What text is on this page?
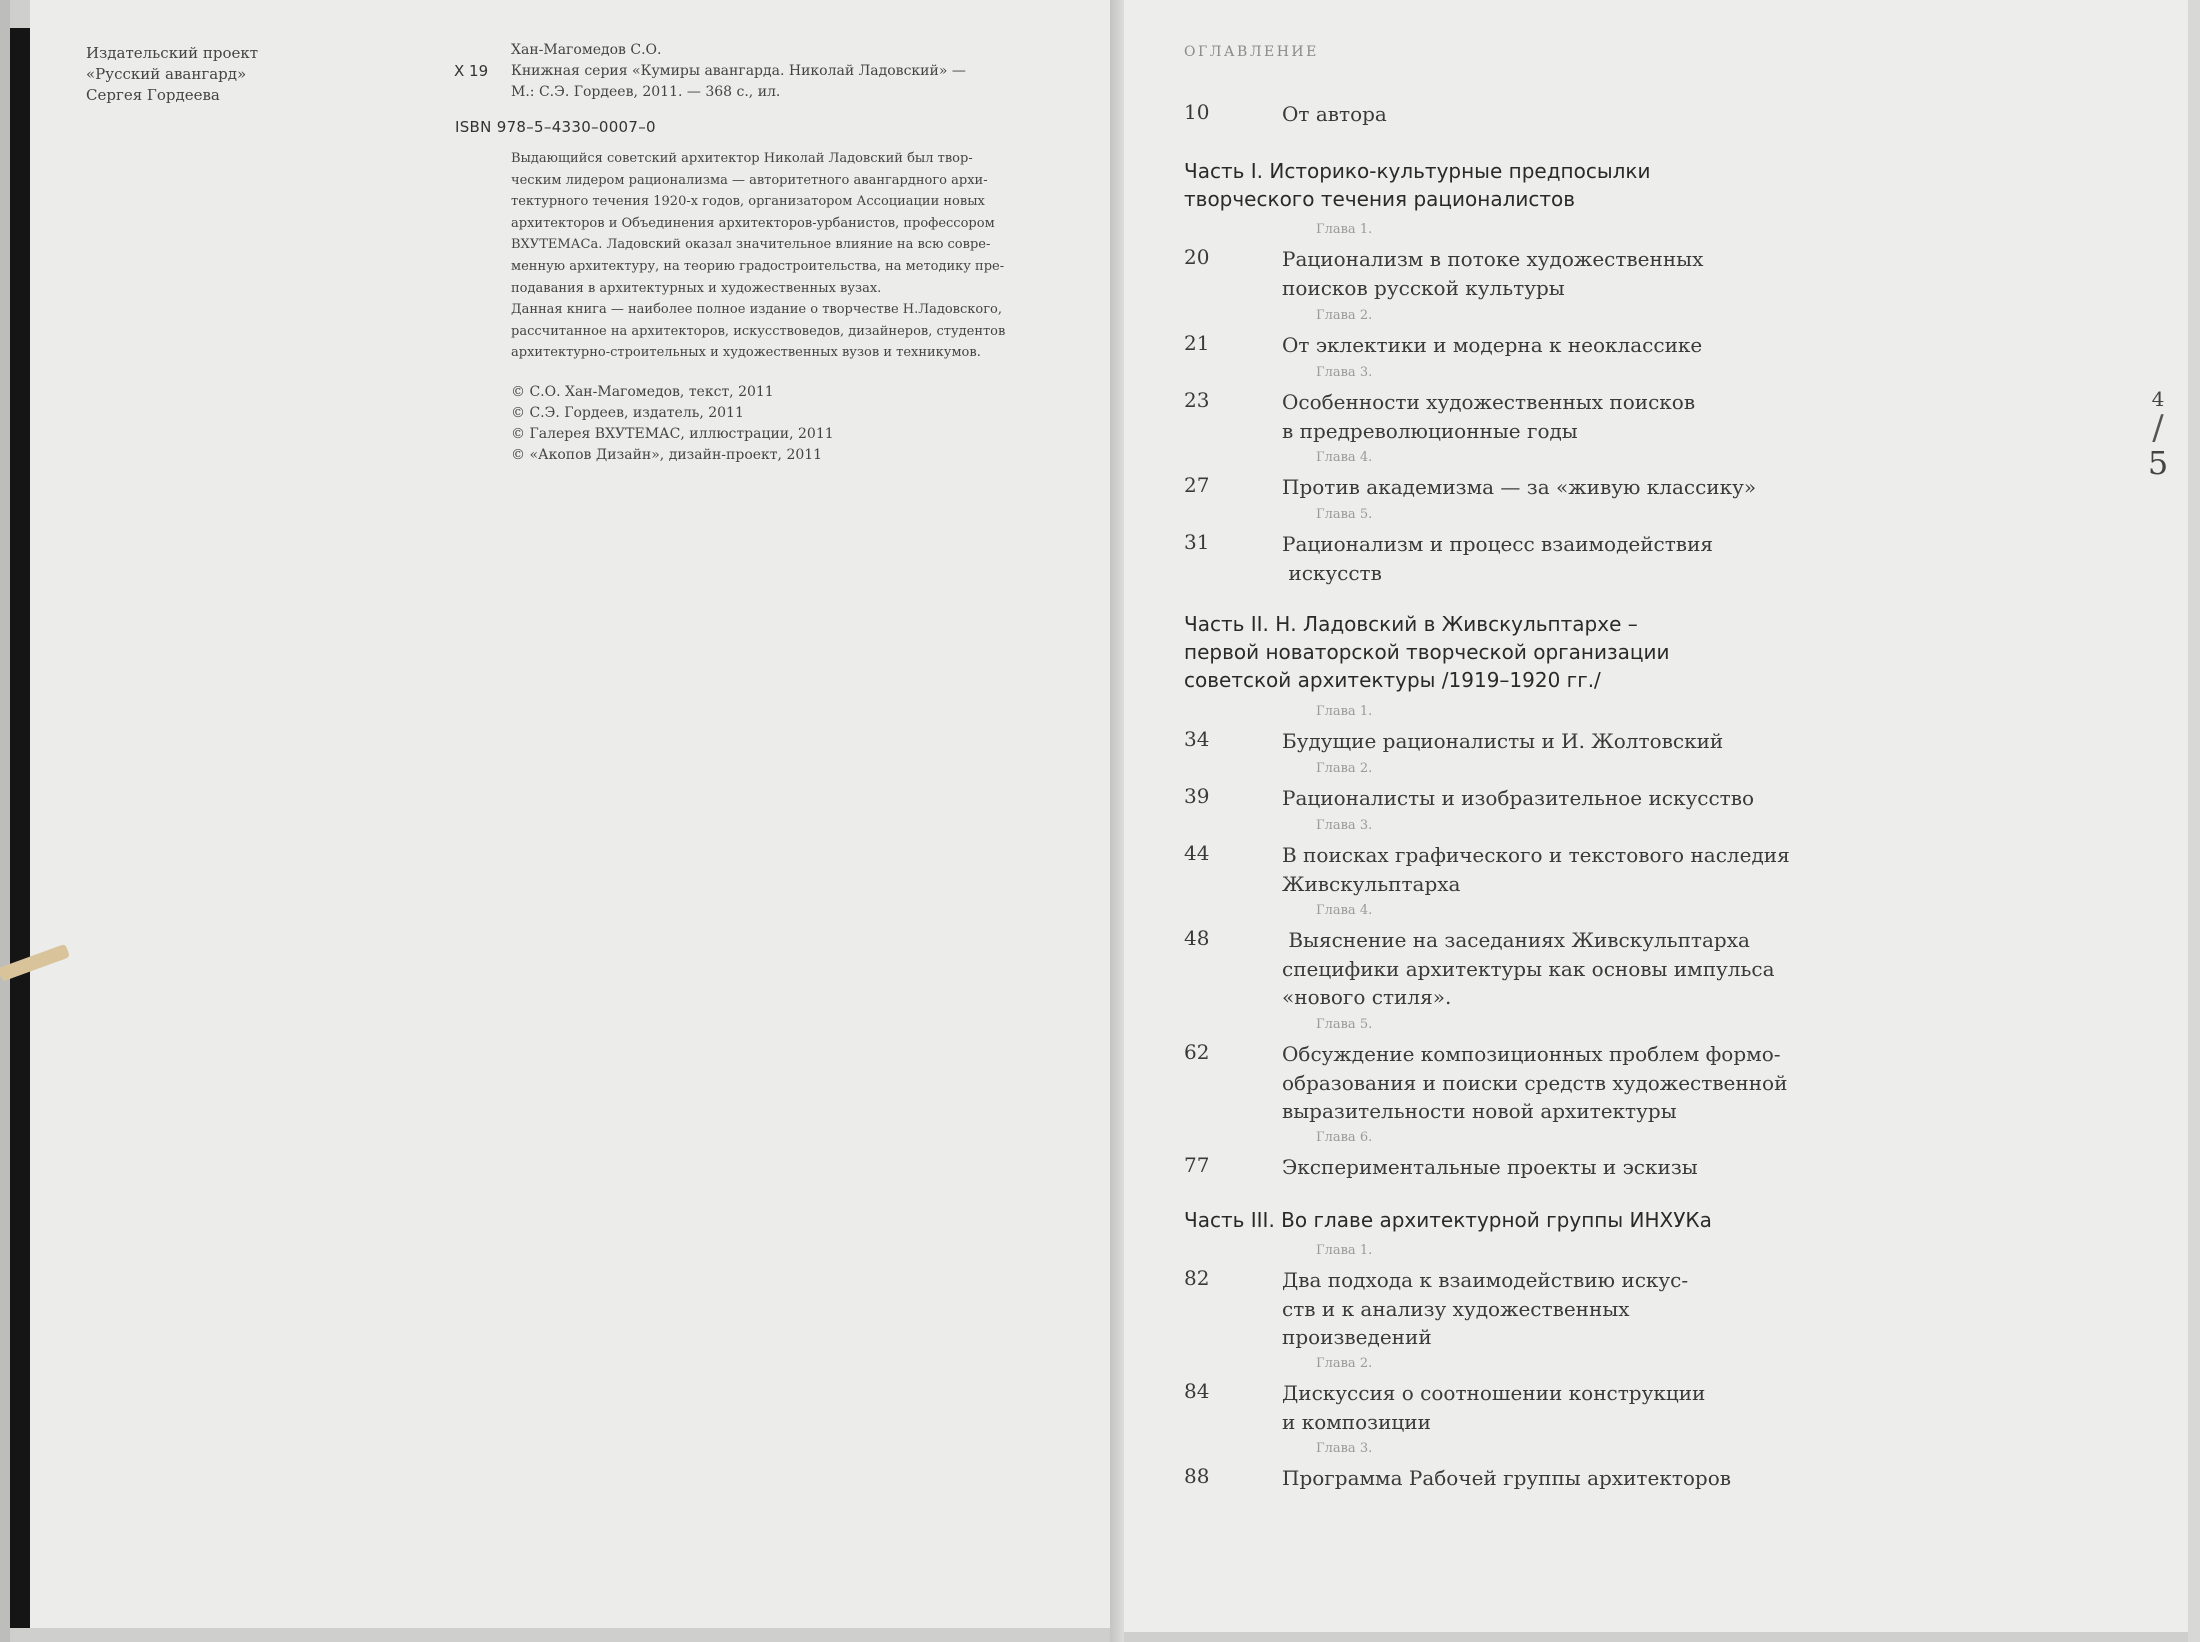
Издательский проект
«Русский авангард»
Сергея Гордеева
Х 19
Хан-Магомедов С.О.
Книжная серия «Кумиры авангарда. Николай Ладовский» —
М.: С.Э. Гордеев, 2011. — 368 с., ил.
ISBN 978–5–4330–0007–0
Выдающийся советский архитектор Николай Ладовский был твор-
ческим лидером рационализма — авторитетного авангардного архи-
тектурного течения 1920-х годов, организатором Ассоциации новых
архитекторов и Объединения архитекторов-урбанистов, профессором
ВХУТЕМАСа. Ладовский оказал значительное влияние на всю совре-
менную архитектуру, на теорию градостроительства, на методику пре-
подавания в архитектурных и художественных вузах.
Данная книга — наиболее полное издание о творчестве Н.Ладовского,
рассчитанное на архитекторов, искусствоведов, дизайнеров, студентов
архитектурно-строительных и художественных вузов и техникумов.
© С.О. Хан-Магомедов, текст, 2011
© С.Э. Гордеев, издатель, 2011
© Галерея ВХУТЕМАС, иллюстрации, 2011
© «Акопов Дизайн», дизайн-проект, 2011
ОГЛАВЛЕНИЕ
10	От автора
Часть I. Историко-культурные предпосылки
творческого течения рационалистов
Глава 1.
20	Рационализм в потоке художественных
поисков русской культуры
Глава 2.
21	От эклектики и модерна к неоклассике
Глава 3.
23	Особенности художественных поисков
в предреволюционные годы
Глава 4.
27	Против академизма — за «живую классику»
Глава 5.
31	Рационализм и процесс взаимодействия
искусств
Часть II. Н. Ладовский в Живскульптархе –
первой новаторской творческой организации
советской архитектуры /1919–1920 гг./
Глава 1.
34	Будущие рационалисты и И. Жолтовский
Глава 2.
39	Рационалисты и изобразительное искусство
Глава 3.
44	В поисках графического и текстового наследия
Живскульптарха
Глава 4.
48	Выяснение на заседаниях Живскульптарха
специфики архитектуры как основы импульса
«нового стиля».
Глава 5.
62	Обсуждение композиционных проблем формо-
образования и поиски средств художественной
выразительности новой архитектуры
Глава 6.
77	Экспериментальные проекты и эскизы
Часть III. Во главе архитектурной группы ИНХУКа
Глава 1.
82	Два подхода к взаимодействию искус-
ств и к анализу художественных
произведений
Глава 2.
84	Дискуссия о соотношении конструкции
и композиции
Глава 3.
88	Программа Рабочей группы архитекторов
4
/
5
